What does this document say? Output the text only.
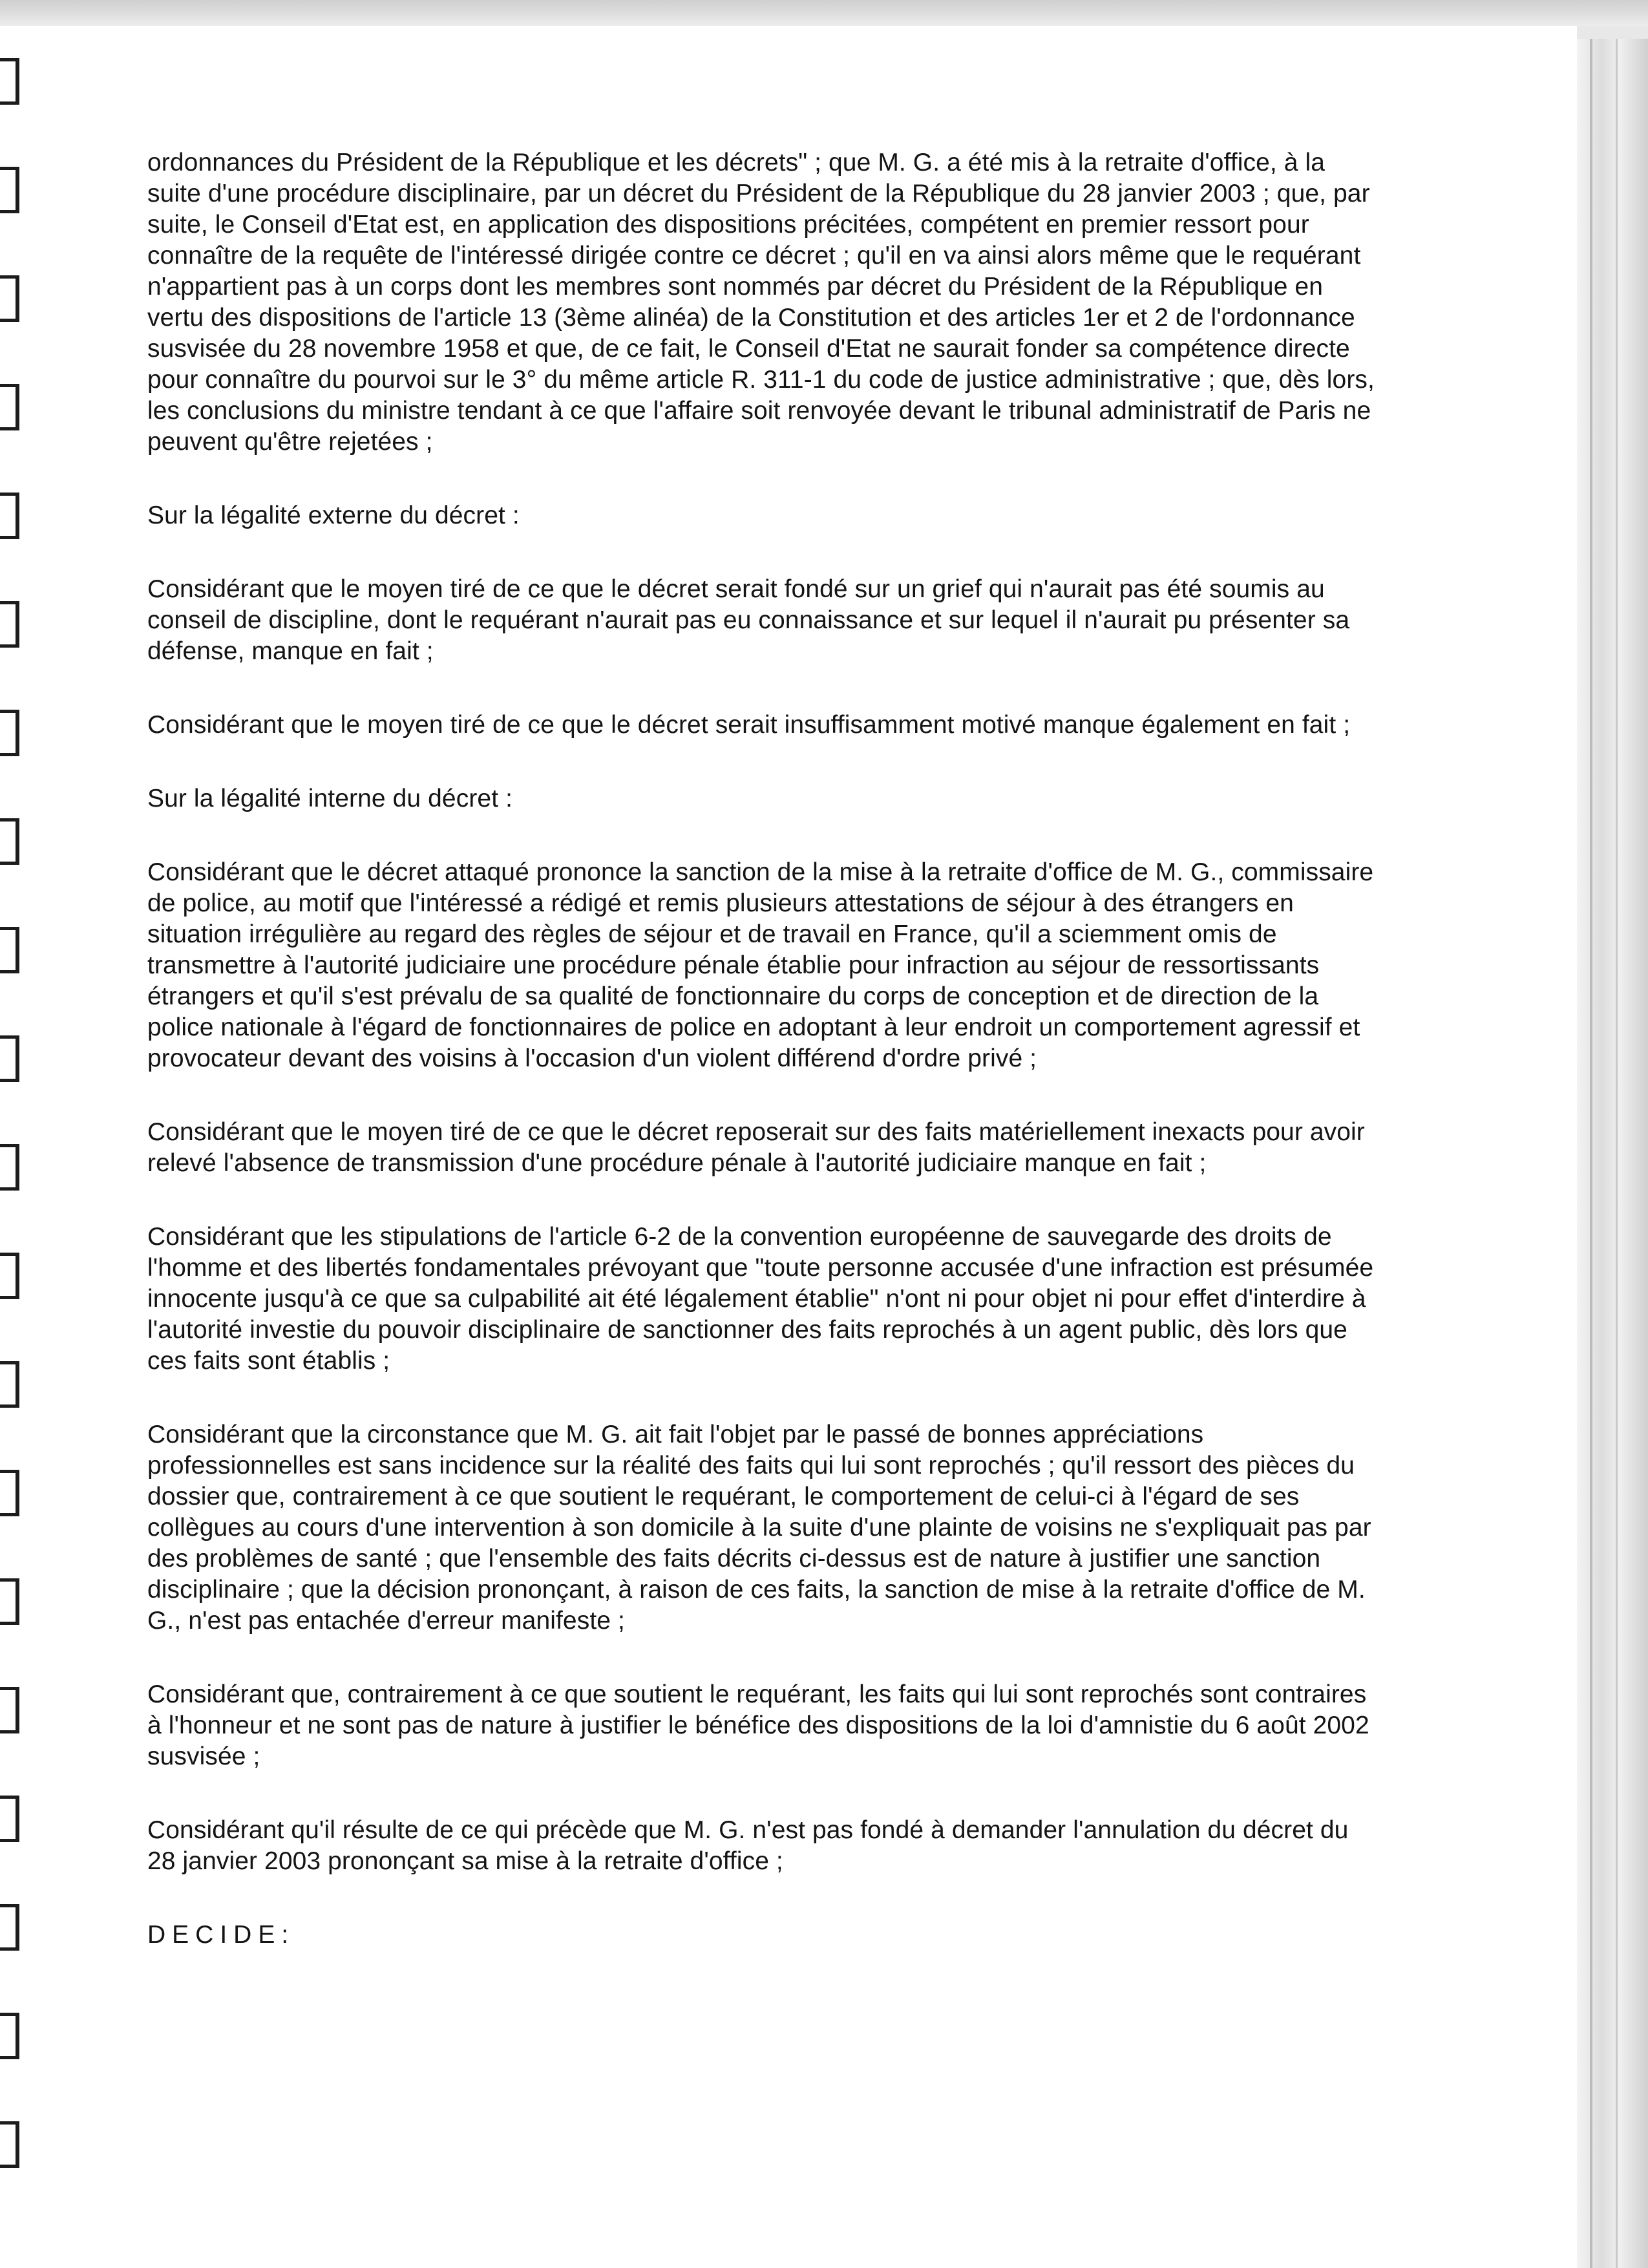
ordonnances du Président de la République et les décrets" ; que M. G. a été mis à la retraite d'office, à la suite d'une procédure disciplinaire, par un décret du Président de la République du 28 janvier 2003 ; que, par suite, le Conseil d'Etat est, en application des dispositions précitées, compétent en premier ressort pour connaître de la requête de l'intéressé dirigée contre ce décret ; qu'il en va ainsi alors même que le requérant n'appartient pas à un corps dont les membres sont nommés par décret du Président de la République en vertu des dispositions de l'article 13 (3ème alinéa) de la Constitution et des articles 1er et 2 de l'ordonnance susvisée du 28 novembre 1958 et que, de ce fait, le Conseil d'Etat ne saurait fonder sa compétence directe pour connaître du pourvoi sur le 3° du même article R. 311-1 du code de justice administrative ; que, dès lors, les conclusions du ministre tendant à ce que l'affaire soit renvoyée devant le tribunal administratif de Paris ne peuvent qu'être rejetées ;

Sur la légalité externe du décret :

Considérant que le moyen tiré de ce que le décret serait fondé sur un grief qui n'aurait pas été soumis au conseil de discipline, dont le requérant n'aurait pas eu connaissance et sur lequel il n'aurait pu présenter sa défense, manque en fait ;

Considérant que le moyen tiré de ce que le décret serait insuffisamment motivé manque également en fait ;

Sur la légalité interne du décret :

Considérant que le décret attaqué prononce la sanction de la mise à la retraite d'office de M. G., commissaire de police, au motif que l'intéressé a rédigé et remis plusieurs attestations de séjour à des étrangers en situation irrégulière au regard des règles de séjour et de travail en France, qu'il a sciemment omis de transmettre à l'autorité judiciaire une procédure pénale établie pour infraction au séjour de ressortissants étrangers et qu'il s'est prévalu de sa qualité de fonctionnaire du corps de conception et de direction de la police nationale à l'égard de fonctionnaires de police en adoptant à leur endroit un comportement agressif et provocateur devant des voisins à l'occasion d'un violent différend d'ordre privé ;

Considérant que le moyen tiré de ce que le décret reposerait sur des faits matériellement inexacts pour avoir relevé l'absence de transmission d'une procédure pénale à l'autorité judiciaire manque en fait ;

Considérant que les stipulations de l'article 6-2 de la convention européenne de sauvegarde des droits de l'homme et des libertés fondamentales prévoyant que "toute personne accusée d'une infraction est présumée innocente jusqu'à ce que sa culpabilité ait été légalement établie" n'ont ni pour objet ni pour effet d'interdire à l'autorité investie du pouvoir disciplinaire de sanctionner des faits reprochés à un agent public, dès lors que ces faits sont établis ;

Considérant que la circonstance que M. G. ait fait l'objet par le passé de bonnes appréciations professionnelles est sans incidence sur la réalité des faits qui lui sont reprochés ; qu'il ressort des pièces du dossier que, contrairement à ce que soutient le requérant, le comportement de celui-ci à l'égard de ses collègues au cours d'une intervention à son domicile à la suite d'une plainte de voisins ne s'expliquait pas par des problèmes de santé ; que l'ensemble des faits décrits ci-dessus est de nature à justifier une sanction disciplinaire ; que la décision prononçant, à raison de ces faits, la sanction de mise à la retraite d'office de M. G., n'est pas entachée d'erreur manifeste ;

Considérant que, contrairement à ce que soutient le requérant, les faits qui lui sont reprochés sont contraires à l'honneur et ne sont pas de nature à justifier le bénéfice des dispositions de la loi d'amnistie du 6 août 2002 susvisée ;

Considérant qu'il résulte de ce qui précède que M. G. n'est pas fondé à demander l'annulation du décret du 28 janvier 2003 prononçant sa mise à la retraite d'office ;

DECIDE:
